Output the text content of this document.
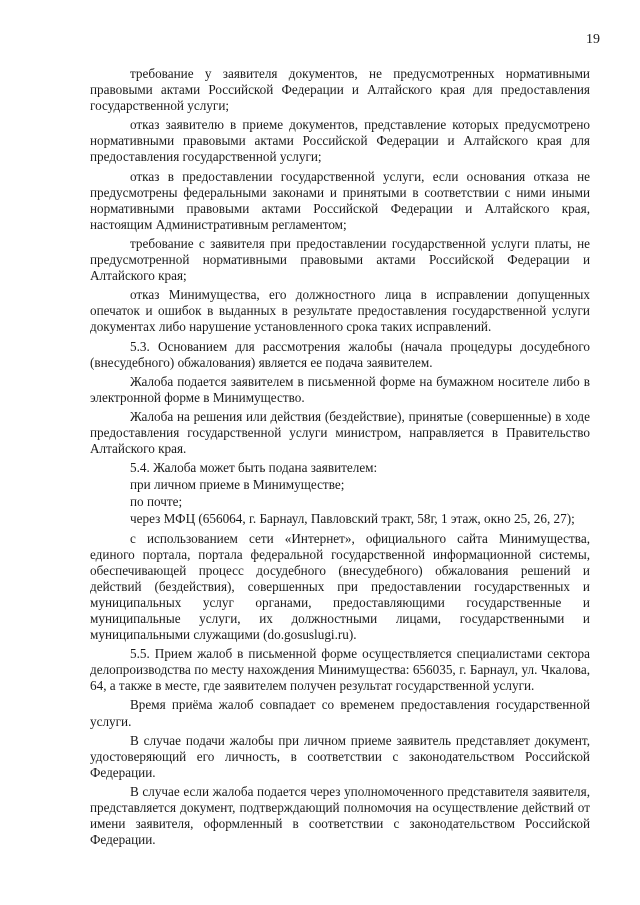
19

требование у заявителя документов, не предусмотренных нормативными правовыми актами Российской Федерации и Алтайского края для предоставления государственной услуги;

отказ заявителю в приеме документов, представление которых предусмотрено нормативными правовыми актами Российской Федерации и Алтайского края для предоставления государственной услуги;

отказ в предоставлении государственной услуги, если основания отказа не предусмотрены федеральными законами и принятыми в соответствии с ними иными нормативными правовыми актами Российской Федерации и Алтайского края, настоящим Административным регламентом;

требование с заявителя при предоставлении государственной услуги платы, не предусмотренной нормативными правовыми актами Российской Федерации и Алтайского края;

отказ Минимущества, его должностного лица в исправлении допущенных опечаток и ошибок в выданных в результате предоставления государственной услуги документах либо нарушение установленного срока таких исправлений.

5.3. Основанием для рассмотрения жалобы (начала процедуры досудебного (внесудебного) обжалования) является ее подача заявителем.

Жалоба подается заявителем в письменной форме на бумажном носителе либо в электронной форме в Минимущество.

Жалоба на решения или действия (бездействие), принятые (совершенные) в ходе предоставления государственной услуги министром, направляется в Правительство Алтайского края.

5.4. Жалоба может быть подана заявителем:

при личном приеме в Минимуществе;

по почте;

через МФЦ (656064, г. Барнаул, Павловский тракт, 58г, 1 этаж, окно 25, 26, 27);

с использованием сети «Интернет», официального сайта Минимущества, единого портала, портала федеральной государственной информационной системы, обеспечивающей процесс досудебного (внесудебного) обжалования решений и действий (бездействия), совершенных при предоставлении государственных и муниципальных услуг органами, предоставляющими государственные и муниципальные услуги, их должностными лицами, государственными и муниципальными служащими (do.gosuslugi.ru).

5.5. Прием жалоб в письменной форме осуществляется специалистами сектора делопроизводства по месту нахождения Минимущества: 656035, г. Барнаул, ул. Чкалова, 64, а также в месте, где заявителем получен результат государственной услуги.

Время приёма жалоб совпадает со временем предоставления государственной услуги.

В случае подачи жалобы при личном приеме заявитель представляет документ, удостоверяющий его личность, в соответствии с законодательством Российской Федерации.

В случае если жалоба подается через уполномоченного представителя заявителя, представляется документ, подтверждающий полномочия на осуществление действий от имени заявителя, оформленный в соответствии с законодательством Российской Федерации.
